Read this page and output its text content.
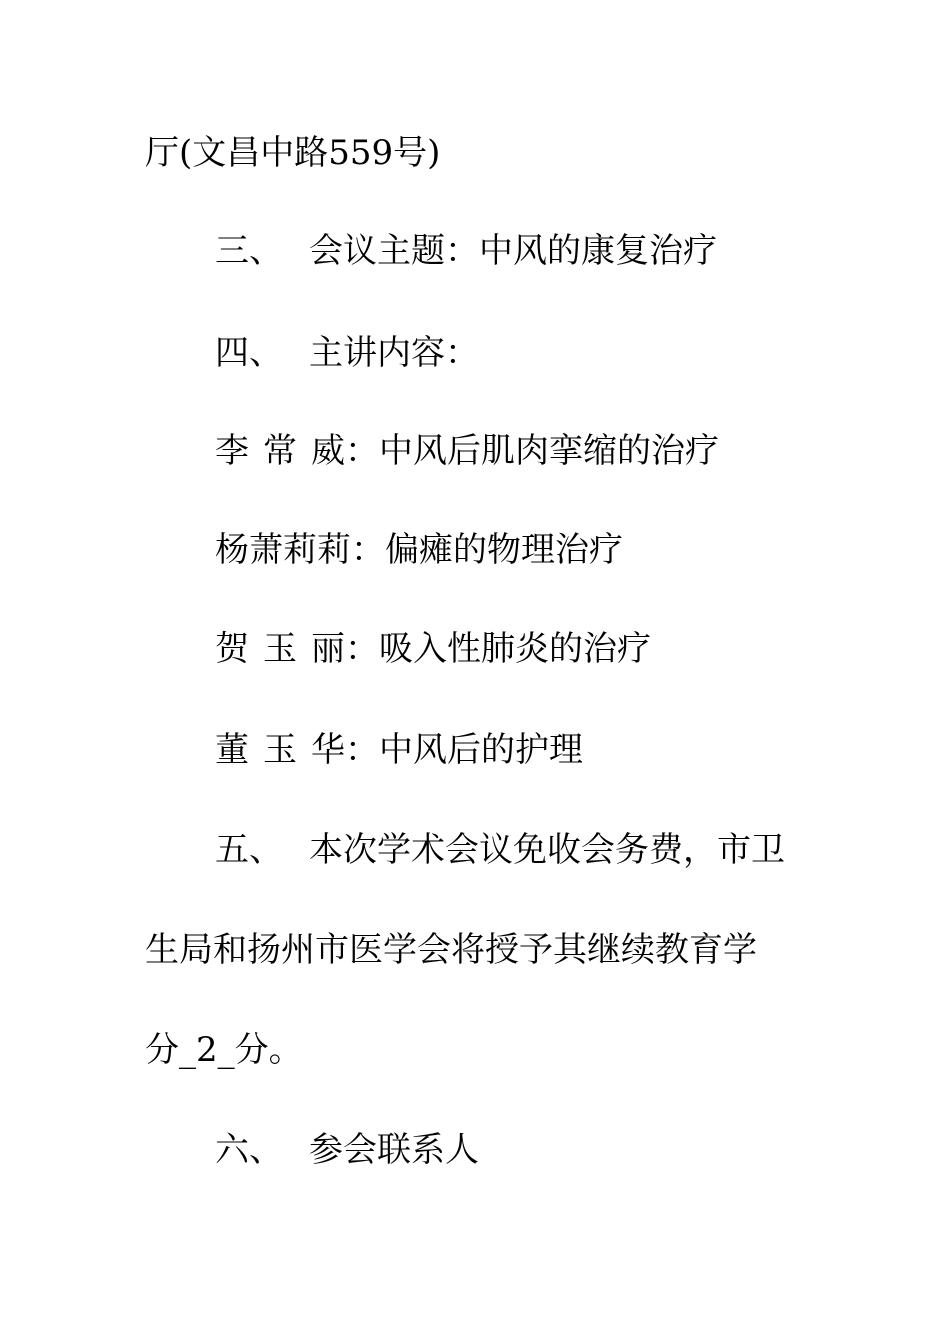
厅(文昌中路559号)
三、 会议主题：中风的康复治疗
四、 主讲内容：
李 常 威：中风后肌肉挛缩的治疗
杨萧莉莉：偏瘫的物理治疗
贺 玉 丽：吸入性肺炎的治疗
董 玉 华：中风后的护理
五、 本次学术会议免收会务费，市卫
生局和扬州市医学会将授予其继续教育学
分_2_分。
六、 参会联系人
